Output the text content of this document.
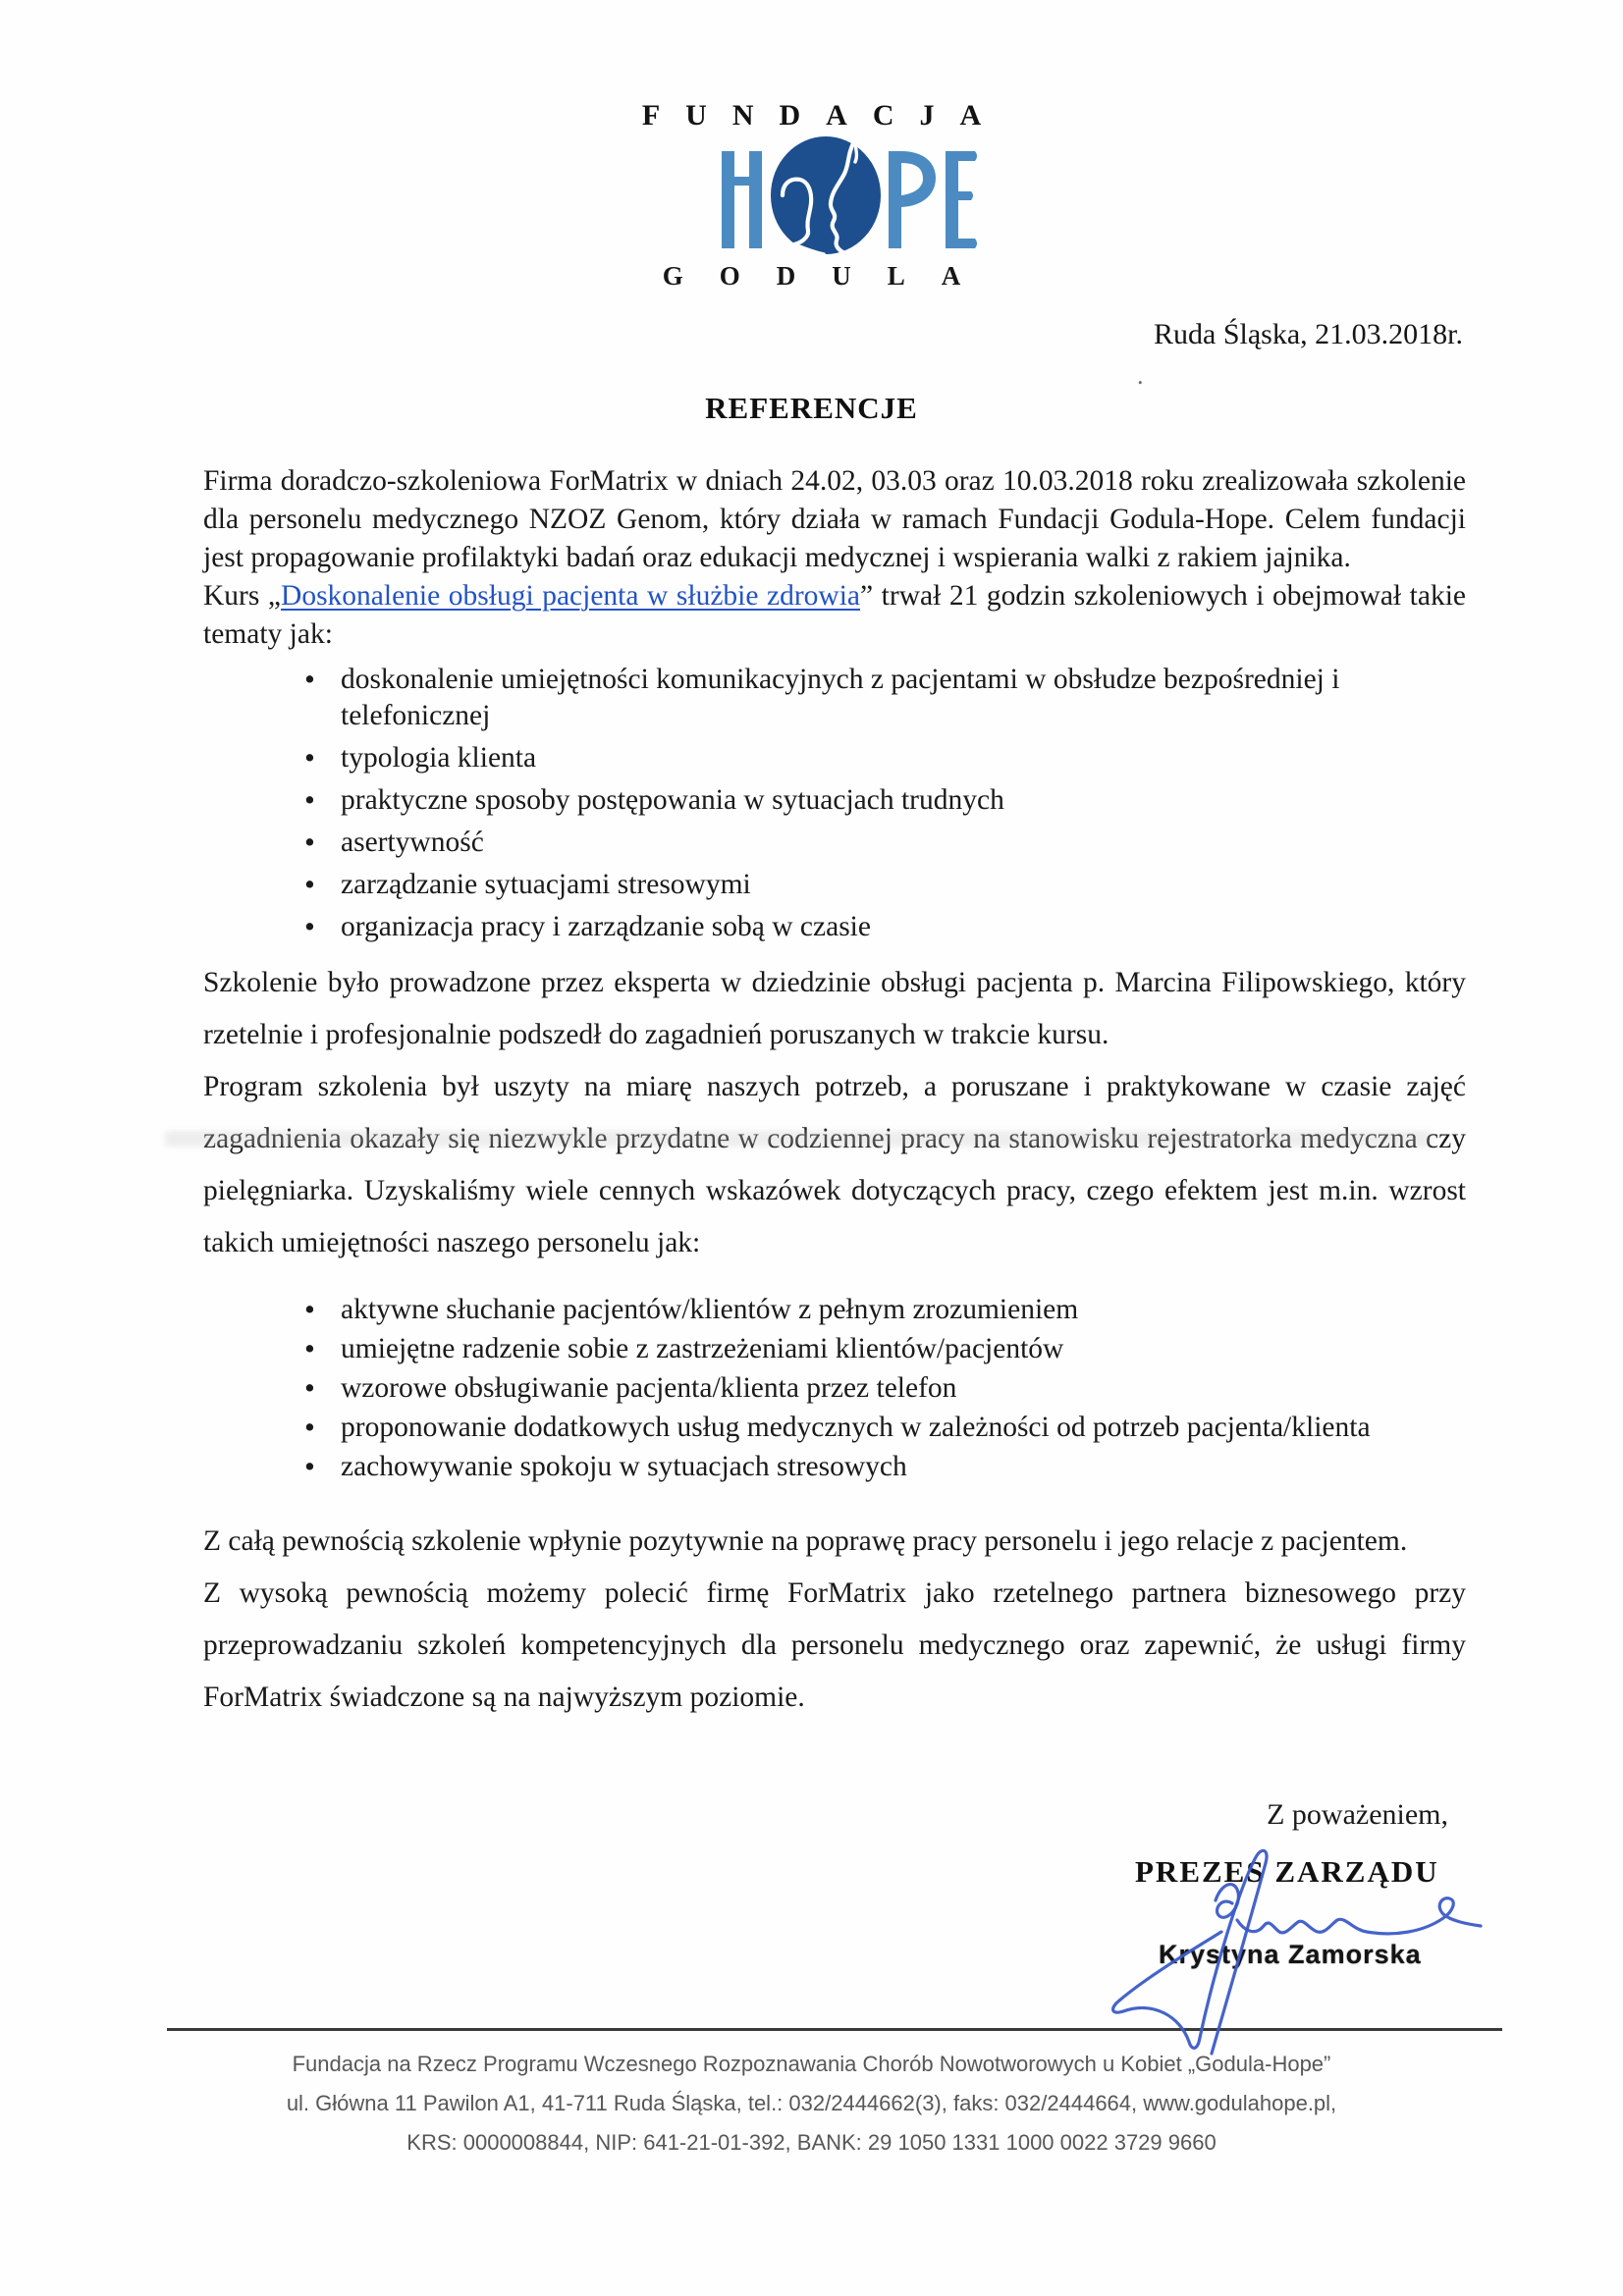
FUNDACJA
GODULA
Ruda Śląska, 21.03.2018r.
.
REFERENCJE

Firma doradczo-szkoleniowa ForMatrix w dniach 24.02, 03.03 oraz 10.03.2018 roku zrealizowała szkolenie dla personelu medycznego NZOZ Genom, który działa w ramach Fundacji Godula-Hope. Celem fundacji jest propagowanie profilaktyki badań oraz edukacji medycznej i wspierania walki z rakiem jajnika.

Kurs „Doskonalenie obsługi pacjenta w służbie zdrowia” trwał 21 godzin szkoleniowych i obejmował takie tematy jak:

• doskonalenie umiejętności komunikacyjnych z pacjentami w obsłudze bezpośredniej i telefonicznej
• typologia klienta
• praktyczne sposoby postępowania w sytuacjach trudnych
• asertywność
• zarządzanie sytuacjami stresowymi
• organizacja pracy i zarządzanie sobą w czasie

Szkolenie było prowadzone przez eksperta w dziedzinie obsługi pacjenta p. Marcina Filipowskiego, który rzetelnie i profesjonalnie podszedł do zagadnień poruszanych w trakcie kursu.

Program szkolenia był uszyty na miarę naszych potrzeb, a poruszane i praktykowane w czasie zajęć zagadnienia okazały się niezwykle przydatne w codziennej pracy na stanowisku rejestratorka medyczna czy pielęgniarka. Uzyskaliśmy wiele cennych wskazówek dotyczących pracy, czego efektem jest m.in. wzrost takich umiejętności naszego personelu jak:

• aktywne słuchanie pacjentów/klientów z pełnym zrozumieniem
• umiejętne radzenie sobie z zastrzeżeniami klientów/pacjentów
• wzorowe obsługiwanie pacjenta/klienta przez telefon
• proponowanie dodatkowych usług medycznych w zależności od potrzeb pacjenta/klienta
• zachowywanie spokoju w sytuacjach stresowych

Z całą pewnością szkolenie wpłynie pozytywnie na poprawę pracy personelu i jego relacje z pacjentem.

Z wysoką pewnością możemy polecić firmę ForMatrix jako rzetelnego partnera biznesowego przy przeprowadzaniu szkoleń kompetencyjnych dla personelu medycznego oraz zapewnić, że usługi firmy ForMatrix świadczone są na najwyższym poziomie.

Z poważeniem,
PREZES ZARZĄDU
Krystyna Zamorska
Fundacja na Rzecz Programu Wczesnego Rozpoznawania Chorób Nowotworowych u Kobiet „Godula-Hope”
ul. Główna 11 Pawilon A1, 41-711 Ruda Śląska, tel.: 032/2444662(3), faks: 032/2444664, www.godulahope.pl,
KRS: 0000008844, NIP: 641-21-01-392, BANK: 29 1050 1331 1000 0022 3729 9660
